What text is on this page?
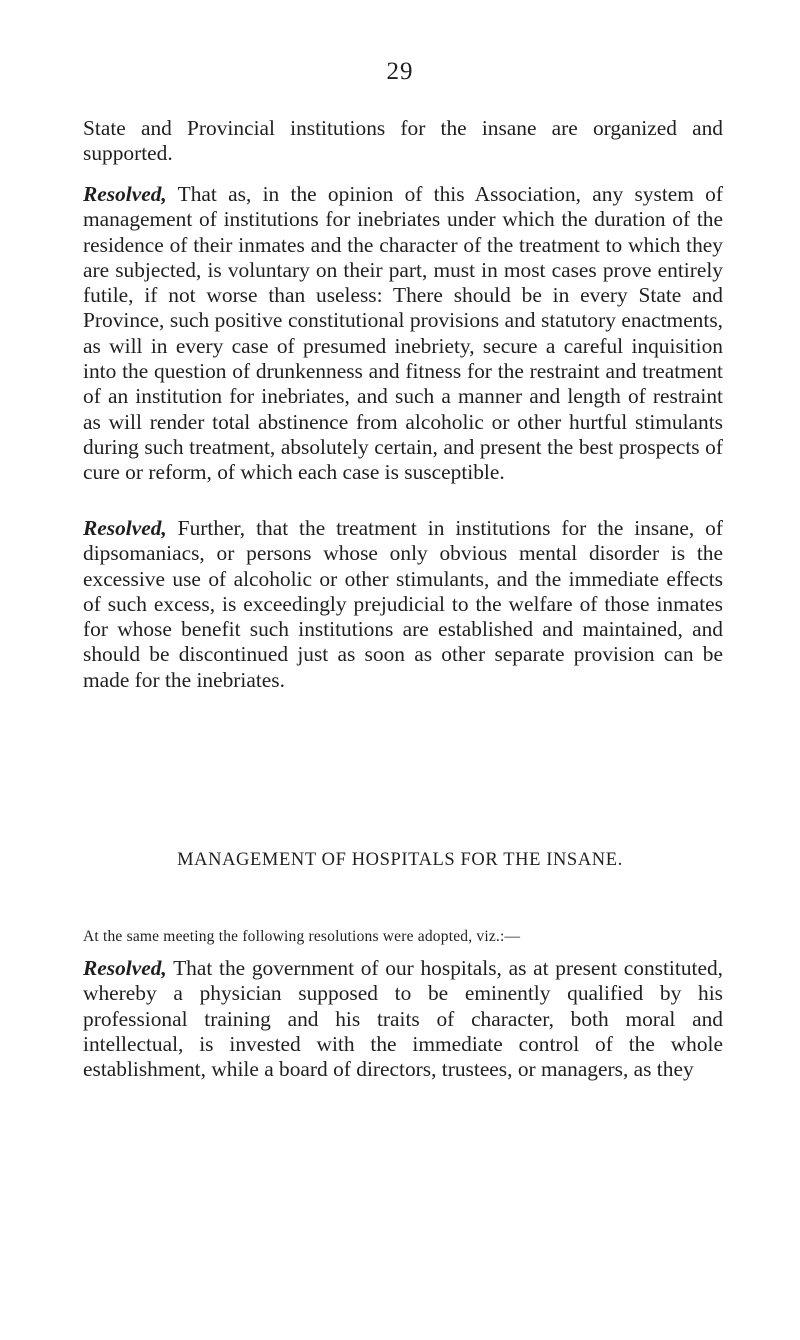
29

State and Provincial institutions for the insane are organized and supported.

Resolved, That as, in the opinion of this Association, any system of management of institutions for inebriates under which the duration of the residence of their inmates and the character of the treatment to which they are subjected, is voluntary on their part, must in most cases prove entirely futile, if not worse than useless: There should be in every State and Province, such positive constitutional provisions and statutory enactments, as will in every case of presumed inebriety, secure a careful inquisition into the question of drunkenness and fitness for the restraint and treatment of an institution for inebriates, and such a manner and length of restraint as will render total abstinence from alcoholic or other hurtful stimulants during such treatment, absolutely certain, and present the best prospects of cure or reform, of which each case is susceptible.

Resolved, Further, that the treatment in institutions for the insane, of dipsomaniacs, or persons whose only obvious mental disorder is the excessive use of alcoholic or other stimulants, and the immediate effects of such excess, is exceedingly prejudicial to the welfare of those inmates for whose benefit such institutions are established and maintained, and should be discontinued just as soon as other separate provision can be made for the inebriates.

MANAGEMENT OF HOSPITALS FOR THE INSANE.
At the same meeting the following resolutions were adopted, viz.:—

Resolved, That the government of our hospitals, as at present constituted, whereby a physician supposed to be eminently qualified by his professional training and his traits of character, both moral and intellectual, is invested with the immediate control of the whole establishment, while a board of directors, trustees, or managers, as they
